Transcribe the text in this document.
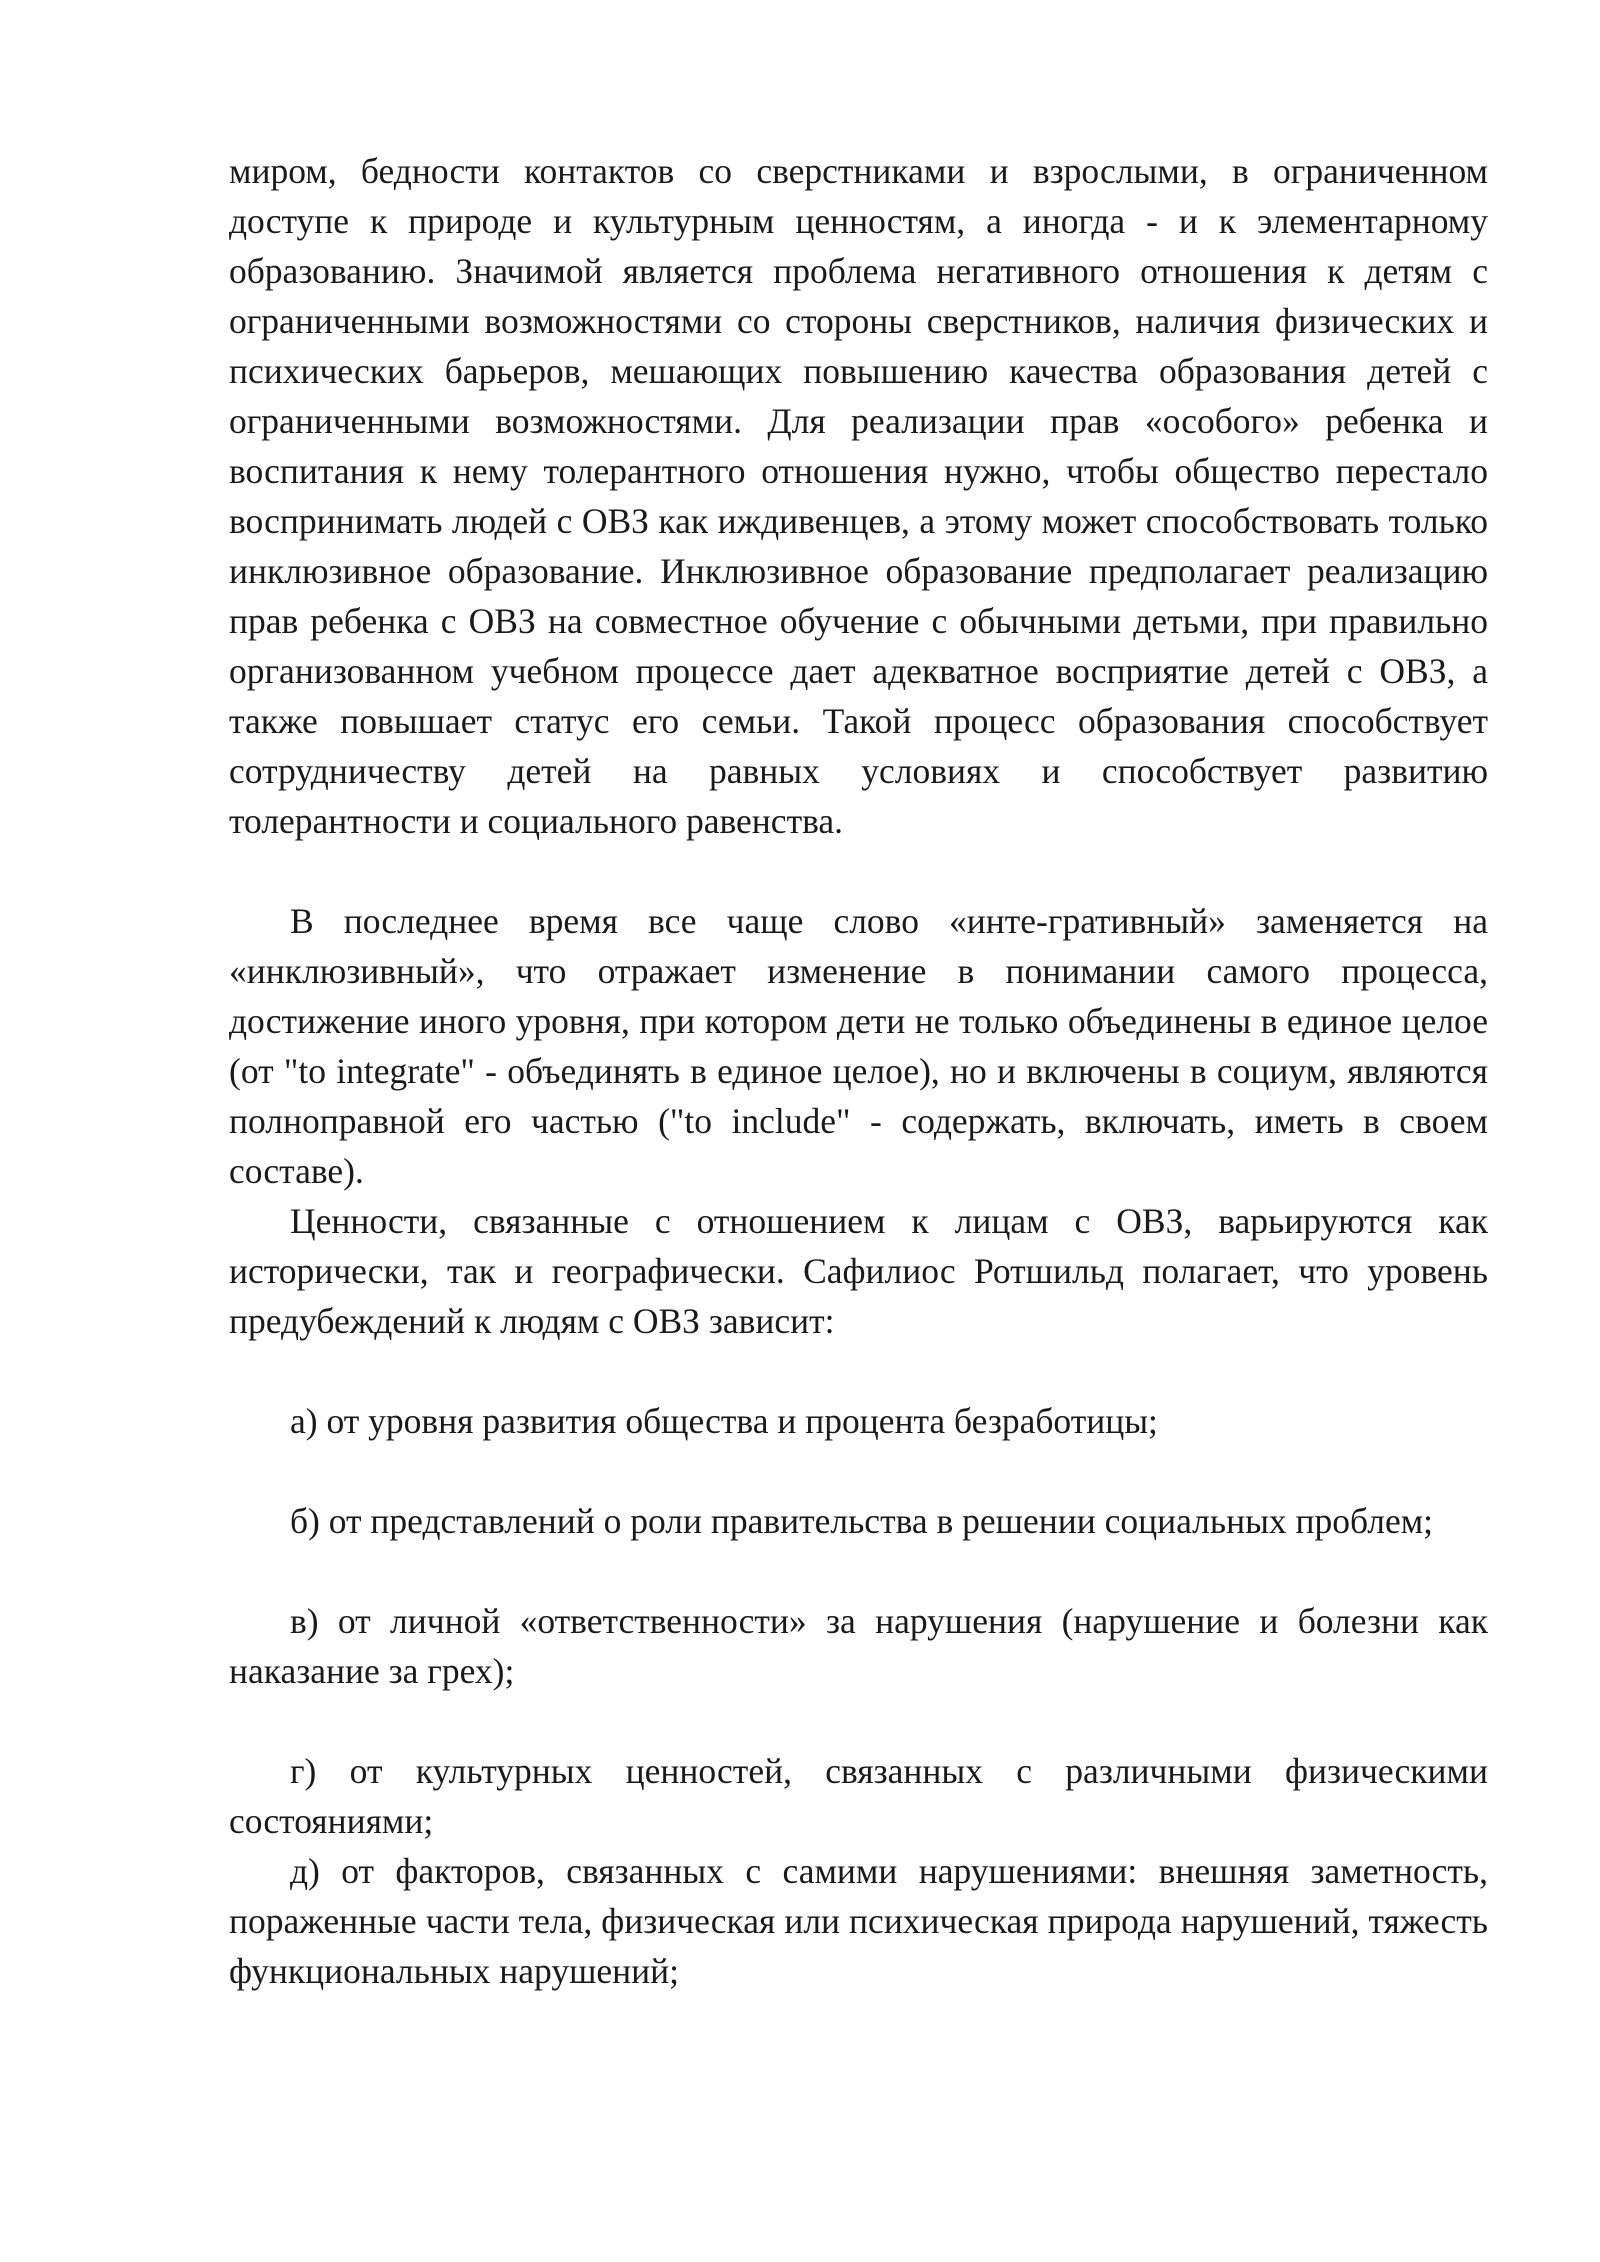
миром, бедности контактов со сверстниками и взрослыми, в ограниченном доступе к природе и культурным ценностям, а иногда - и к элементарному образованию. Значимой является проблема негативного отношения к детям с ограниченными возможностями со стороны сверстников, наличия физических и психических барьеров, мешающих повышению качества образования детей с ограниченными возможностями. Для реализации прав «особого» ребенка и воспитания к нему толерантного отношения нужно, чтобы общество перестало воспринимать людей с ОВЗ как иждивенцев, а этому может способствовать только инклюзивное образование. Инклюзивное образование предполагает реализацию прав ребенка с ОВЗ на совместное обучение с обычными детьми, при правильно организованном учебном процессе дает адекватное восприятие детей с ОВЗ, а также повышает статус его семьи. Такой процесс образования способствует сотрудничеству детей на равных условиях и способствует развитию толерантности и социального равенства.

В последнее время все чаще слово «инте-гративный» заменяется на «инклюзивный», что отражает изменение в понимании самого процесса, достижение иного уровня, при котором дети не только объединены в единое целое (от "to integrate" - объединять в единое целое), но и включены в социум, являются полноправной его частью ("to include" - содержать, включать, иметь в своем составе).

Ценности, связанные с отношением к лицам с ОВЗ, варьируются как исторически, так и географически. Сафилиос Ротшильд полагает, что уровень предубеждений к людям с ОВЗ зависит:

а) от уровня развития общества и процента безработицы;

б) от представлений о роли правительства в решении социальных проблем;

в) от личной «ответственности» за нарушения (нарушение и болезни как наказание за грех);

г) от культурных ценностей, связанных с различными физическими состояниями;

д) от факторов, связанных с самими нарушениями: внешняя заметность, пораженные части тела, физическая или психическая природа нарушений, тяжесть функциональных нарушений;
